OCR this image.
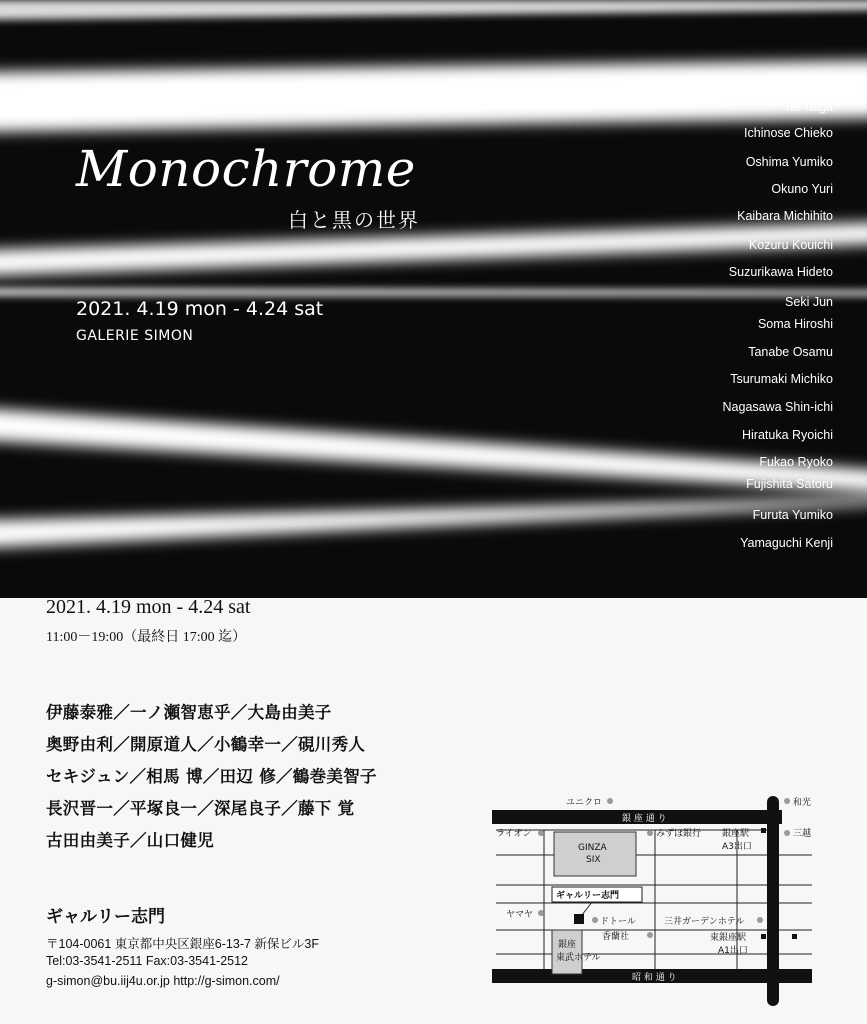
Monochrome
白と黒の世界
2021. 4.19 mon - 4.24 sat
GALERIE SIMON
Ito Taiga
Ichinose Chieko
Oshima Yumiko
Okuno Yuri
Kaibara Michihito
Kozuru Kouichi
Suzurikawa Hideto
Seki Jun
Soma Hiroshi
Tanabe Osamu
Tsurumaki Michiko
Nagasawa Shin-ichi
Hiratuka Ryoichi
Fukao Ryoko
Fujishita Satoru
Furuta Yumiko
Yamaguchi Kenji
2021. 4.19 mon - 4.24 sat
11:00－19:00（最終日 17:00 迄）
伊藤泰雅／一ノ瀬智恵乎／大島由美子
奥野由利／開原道人／小鶴幸一／硯川秀人
セキジュン／相馬 博／田辺 修／鶴巻美智子
長沢晋一／平塚良一／深尾良子／藤下 覚
古田由美子／山口健児
ギャルリー志門
〒104-0061 東京都中央区銀座6-13-7 新保ビル3F
Tel:03-3541-2511 Fax:03-3541-2512
g-simon@bu.iij4u.or.jp http://g-simon.com/
ユニクロ
銀 座 通 り
和光
ライオン	みずほ銀行 銀座駅	三越
A3出口
GINZA
SIX
晴
海
通
り
ギャルリー志門
ヤマヤ
ドトール	三井ガーデンホテル
香蘭社	東銀座駅
銀座
東武ホテル
A1出口
昭 和 通 り
